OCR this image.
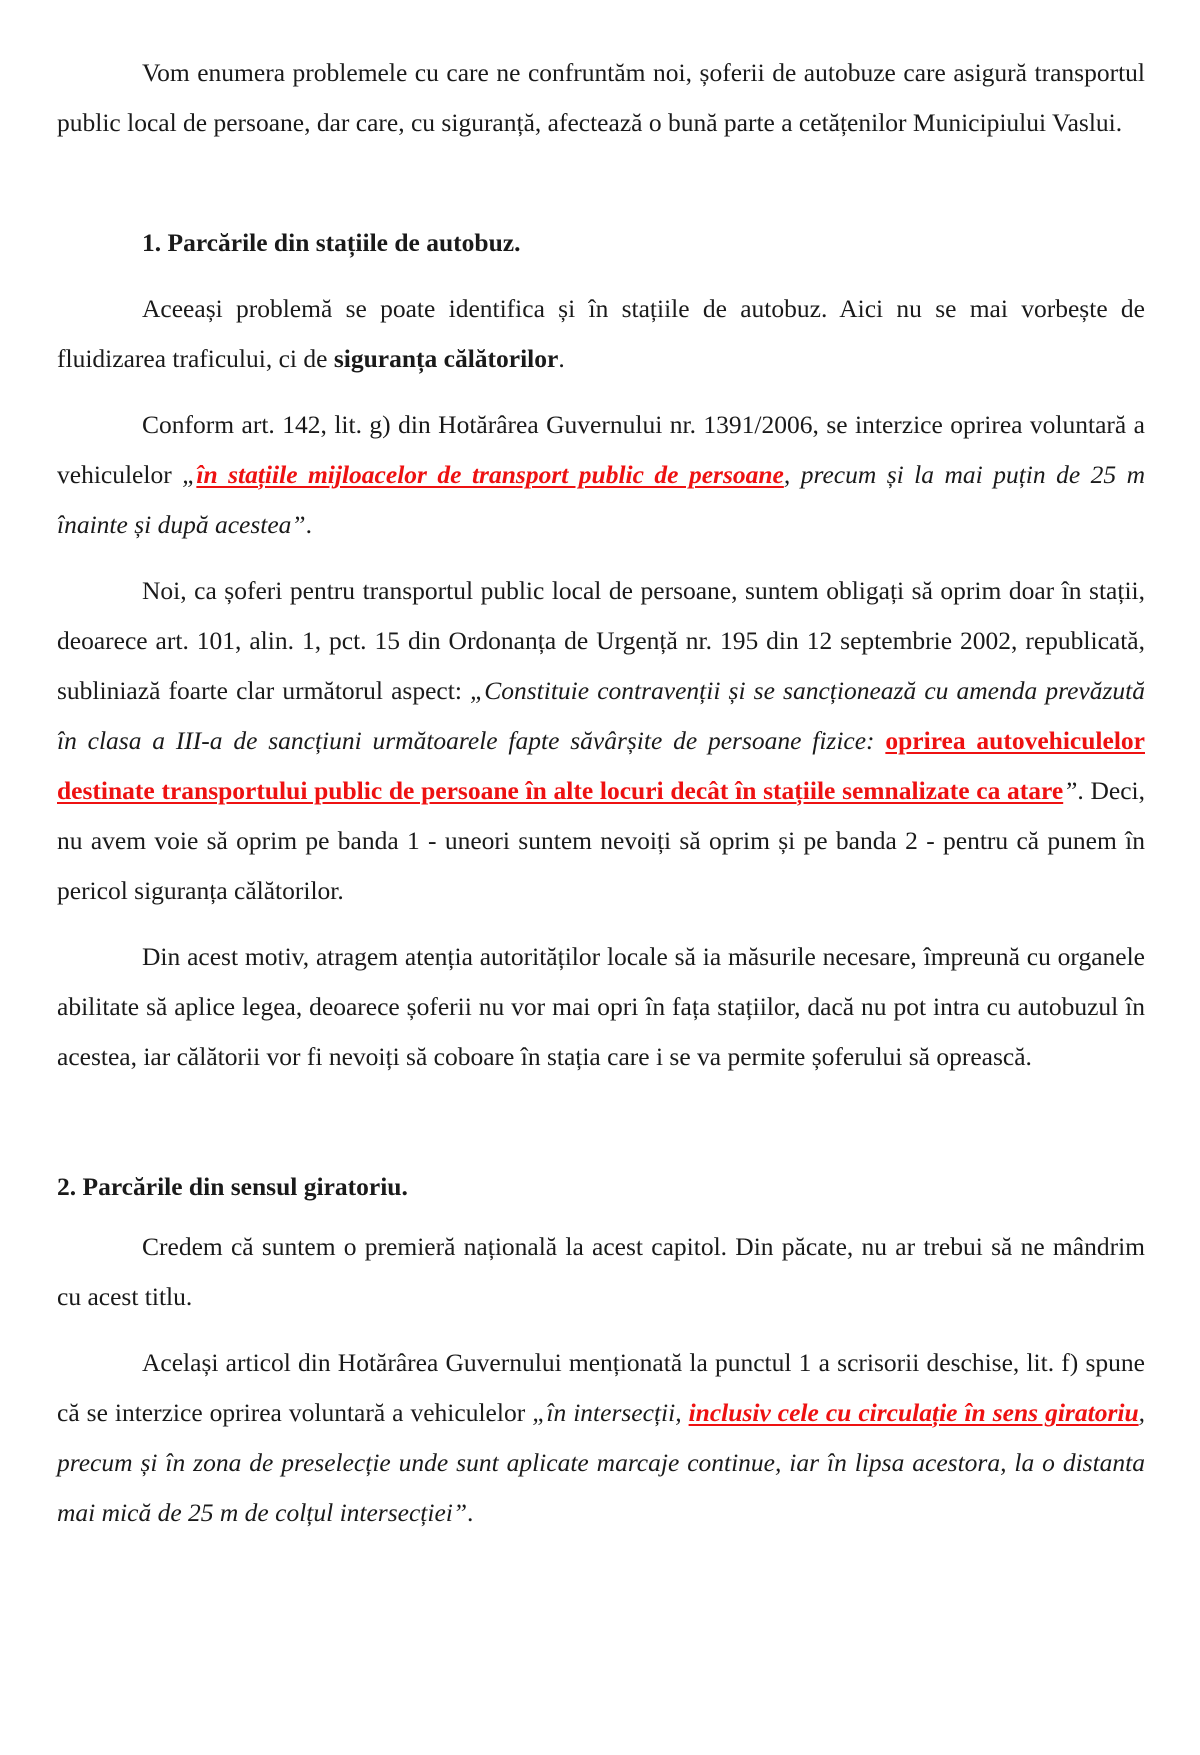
Vom enumera problemele cu care ne confruntăm noi, șoferii de autobuze care asigură transportul public local de persoane, dar care, cu siguranță, afectează o bună parte a cetățenilor Municipiului Vaslui.

1. Parcările din stațiile de autobuz.

Aceeași problemă se poate identifica și în stațiile de autobuz. Aici nu se mai vorbește de fluidizarea traficului, ci de siguranța călătorilor.

Conform art. 142, lit. g) din Hotărârea Guvernului nr. 1391/2006, se interzice oprirea voluntară a vehiculelor „în stațiile mijloacelor de transport public de persoane, precum și la mai puțin de 25 m înainte și după acestea”.

Noi, ca șoferi pentru transportul public local de persoane, suntem obligați să oprim doar în stații, deoarece art. 101, alin. 1, pct. 15 din Ordonanța de Urgență nr. 195 din 12 septembrie 2002, republicată, subliniază foarte clar următorul aspect: „Constituie contravenții și se sancționează cu amenda prevăzută în clasa a III-a de sancțiuni următoarele fapte săvârșite de persoane fizice: oprirea autovehiculelor destinate transportului public de persoane în alte locuri decât în stațiile semnalizate ca atare”. Deci, nu avem voie să oprim pe banda 1 - uneori suntem nevoiți să oprim și pe banda 2 - pentru că punem în pericol siguranța călătorilor.

Din acest motiv, atragem atenția autorităților locale să ia măsurile necesare, împreună cu organele abilitate să aplice legea, deoarece șoferii nu vor mai opri în fața stațiilor, dacă nu pot intra cu autobuzul în acestea, iar călătorii vor fi nevoiți să coboare în stația care i se va permite șoferului să oprească.

2. Parcările din sensul giratoriu.

Credem că suntem o premieră națională la acest capitol. Din păcate, nu ar trebui să ne mândrim cu acest titlu.

Același articol din Hotărârea Guvernului menționată la punctul 1 a scrisorii deschise, lit. f) spune că se interzice oprirea voluntară a vehiculelor „în intersecții, inclusiv cele cu circulație în sens giratoriu, precum și în zona de preselecție unde sunt aplicate marcaje continue, iar în lipsa acestora, la o distanta mai mică de 25 m de colțul intersecției”.
